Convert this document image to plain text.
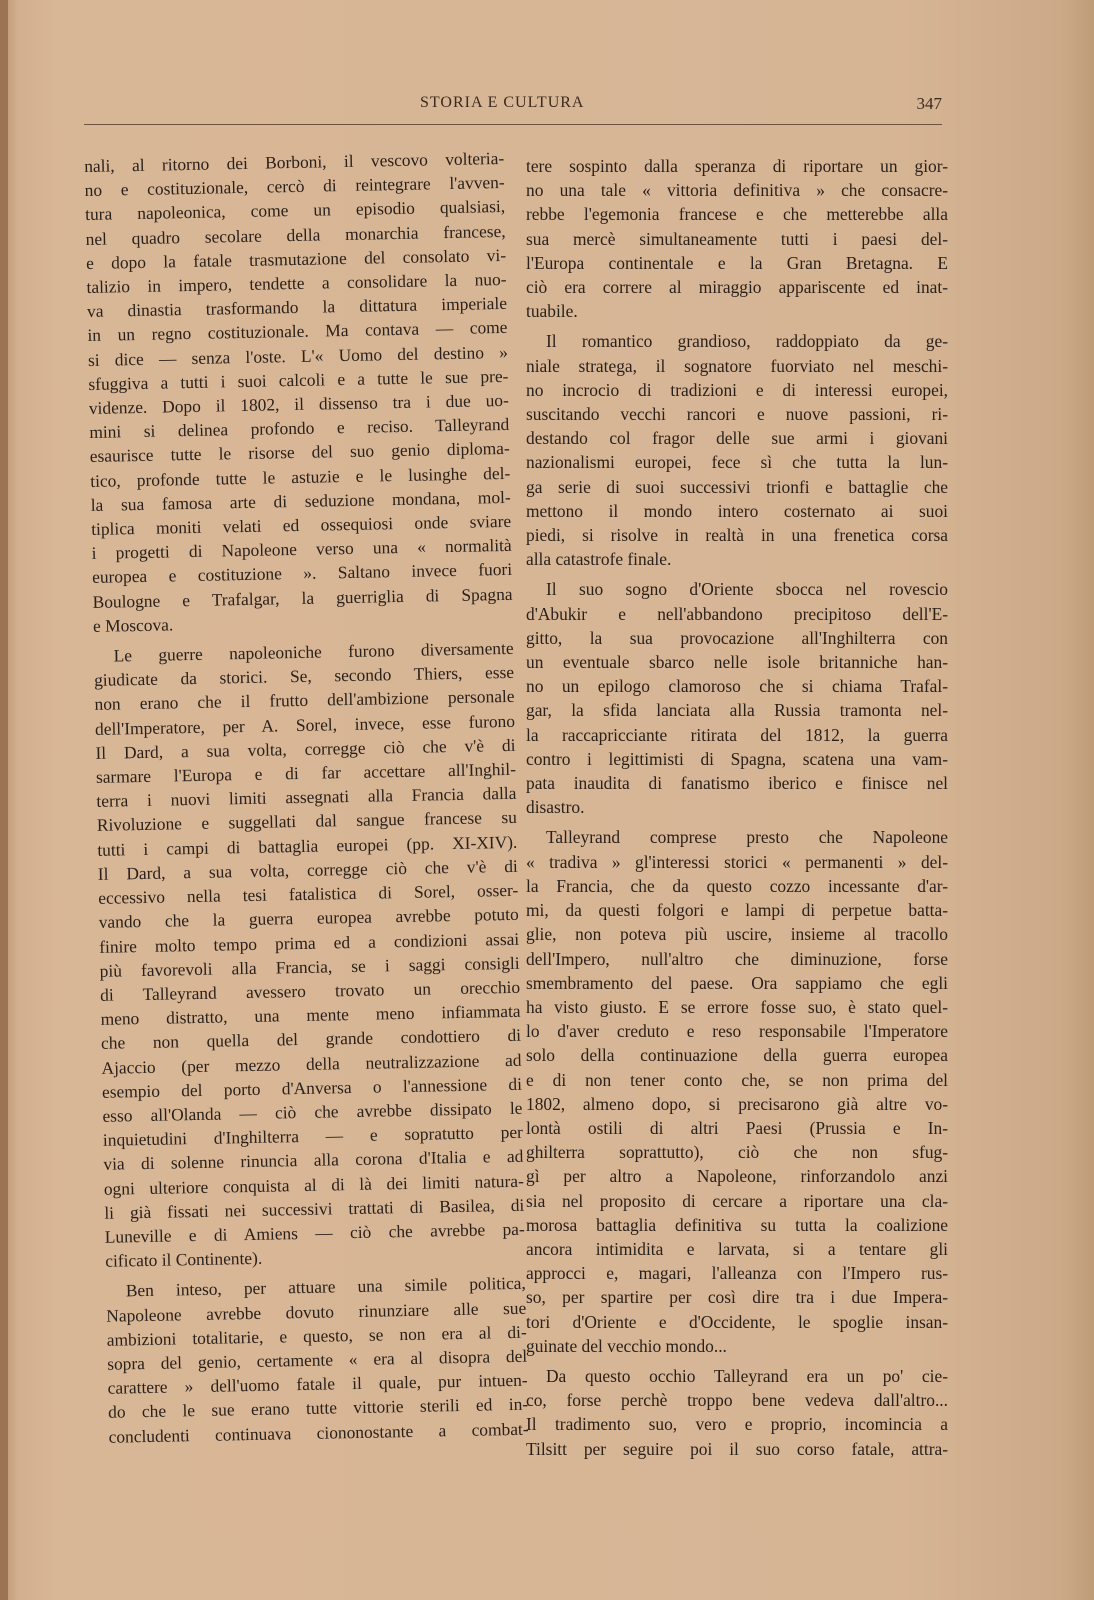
STORIA E CULTURA	347
nali, al ritorno dei Borboni, il vescovo volteria-
no e costituzionale, cercò di reintegrare l'avven-
tura napoleonica, come un episodio qualsiasi,
nel quadro secolare della monarchia francese,
e dopo la fatale trasmutazione del consolato vi-
talizio in impero, tendette a consolidare la nuo-
va dinastia trasformando la dittatura imperiale
in un regno costituzionale. Ma contava — come
si dice — senza l'oste. L'« Uomo del destino »
sfuggiva a tutti i suoi calcoli e a tutte le sue pre-
videnze. Dopo il 1802, il dissenso tra i due uo-
mini si delinea profondo e reciso. Talleyrand
esaurisce tutte le risorse del suo genio diploma-
tico, profonde tutte le astuzie e le lusinghe del-
la sua famosa arte di seduzione mondana, mol-
tiplica moniti velati ed ossequiosi onde sviare
i progetti di Napoleone verso una « normalità
europea e costituzione ». Saltano invece fuori
Boulogne e Trafalgar, la guerriglia di Spagna
e Moscova.
Le guerre napoleoniche furono diversamente
giudicate da storici. Se, secondo Thiers, esse
non erano che il frutto dell'ambizione personale
dell'Imperatore, per A. Sorel, invece, esse furono
Il Dard, a sua volta, corregge ciò che v'è di
sarmare l'Europa e di far accettare all'Inghil-
terra i nuovi limiti assegnati alla Francia dalla
Rivoluzione e suggellati dal sangue francese su
tutti i campi di battaglia europei (pp. XI-XIV).
Il Dard, a sua volta, corregge ciò che v'è di
eccessivo nella tesi fatalistica di Sorel, osser-
vando che la guerra europea avrebbe potuto
finire molto tempo prima ed a condizioni assai
più favorevoli alla Francia, se i saggi consigli
di Talleyrand avessero trovato un orecchio
meno distratto, una mente meno infiammata
che non quella del grande condottiero di
Ajaccio (per mezzo della neutralizzazione ad
esempio del porto d'Anversa o l'annessione di
esso all'Olanda — ciò che avrebbe dissipato le
inquietudini d'Inghilterra — e sopratutto per
via di solenne rinuncia alla corona d'Italia e ad
ogni ulteriore conquista al di là dei limiti natura-
li già fissati nei successivi trattati di Basilea, di
Luneville e di Amiens — ciò che avrebbe pa-
cificato il Continente).
Ben inteso, per attuare una simile politica,
Napoleone avrebbe dovuto rinunziare alle sue
ambizioni totalitarie, e questo, se non era al di-
sopra del genio, certamente « era al disopra del
carattere » dell'uomo fatale il quale, pur intuen-
do che le sue erano tutte vittorie sterili ed in-
concludenti continuava ciononostante a combat-
tere sospinto dalla speranza di riportare un gior-
no una tale « vittoria definitiva » che consacre-
rebbe l'egemonia francese e che metterebbe alla
sua mercè simultaneamente tutti i paesi del-
l'Europa continentale e la Gran Bretagna. E
ciò era correre al miraggio appariscente ed inat-
tuabile.
Il romantico grandioso, raddoppiato da ge-
niale stratega, il sognatore fuorviato nel meschi-
no incrocio di tradizioni e di interessi europei,
suscitando vecchi rancori e nuove passioni, ri-
destando col fragor delle sue armi i giovani
nazionalismi europei, fece sì che tutta la lun-
ga serie di suoi successivi trionfi e battaglie che
mettono il mondo intero costernato ai suoi
piedi, si risolve in realtà in una frenetica corsa
alla catastrofe finale.
Il suo sogno d'Oriente sbocca nel rovescio
d'Abukir e nell'abbandono precipitoso dell'E-
gitto, la sua provocazione all'Inghilterra con
un eventuale sbarco nelle isole britanniche han-
no un epilogo clamoroso che si chiama Trafal-
gar, la sfida lanciata alla Russia tramonta nel-
la raccapricciante ritirata del 1812, la guerra
contro i legittimisti di Spagna, scatena una vam-
pata inaudita di fanatismo iberico e finisce nel
disastro.
Talleyrand comprese presto che Napoleone
« tradiva » gl'interessi storici « permanenti » del-
la Francia, che da questo cozzo incessante d'ar-
mi, da questi folgori e lampi di perpetue batta-
glie, non poteva più uscire, insieme al tracollo
dell'Impero, null'altro che diminuzione, forse
smembramento del paese. Ora sappiamo che egli
ha visto giusto. E se errore fosse suo, è stato quel-
lo d'aver creduto e reso responsabile l'Imperatore
solo della continuazione della guerra europea
e di non tener conto che, se non prima del
1802, almeno dopo, si precisarono già altre vo-
lontà ostili di altri Paesi (Prussia e In-
ghilterra soprattutto), ciò che non sfug-
gì per altro a Napoleone, rinforzandolo anzi
sia nel proposito di cercare a riportare una cla-
morosa battaglia definitiva su tutta la coalizione
ancora intimidita e larvata, si a tentare gli
approcci e, magari, l'alleanza con l'Impero rus-
so, per spartire per così dire tra i due Impera-
tori d'Oriente e d'Occidente, le spoglie insan-
guinate del vecchio mondo...
Da questo occhio Talleyrand era un po' cie-
co, forse perchè troppo bene vedeva dall'altro...
Il tradimento suo, vero e proprio, incomincia a
Tilsitt per seguire poi il suo corso fatale, attra-
